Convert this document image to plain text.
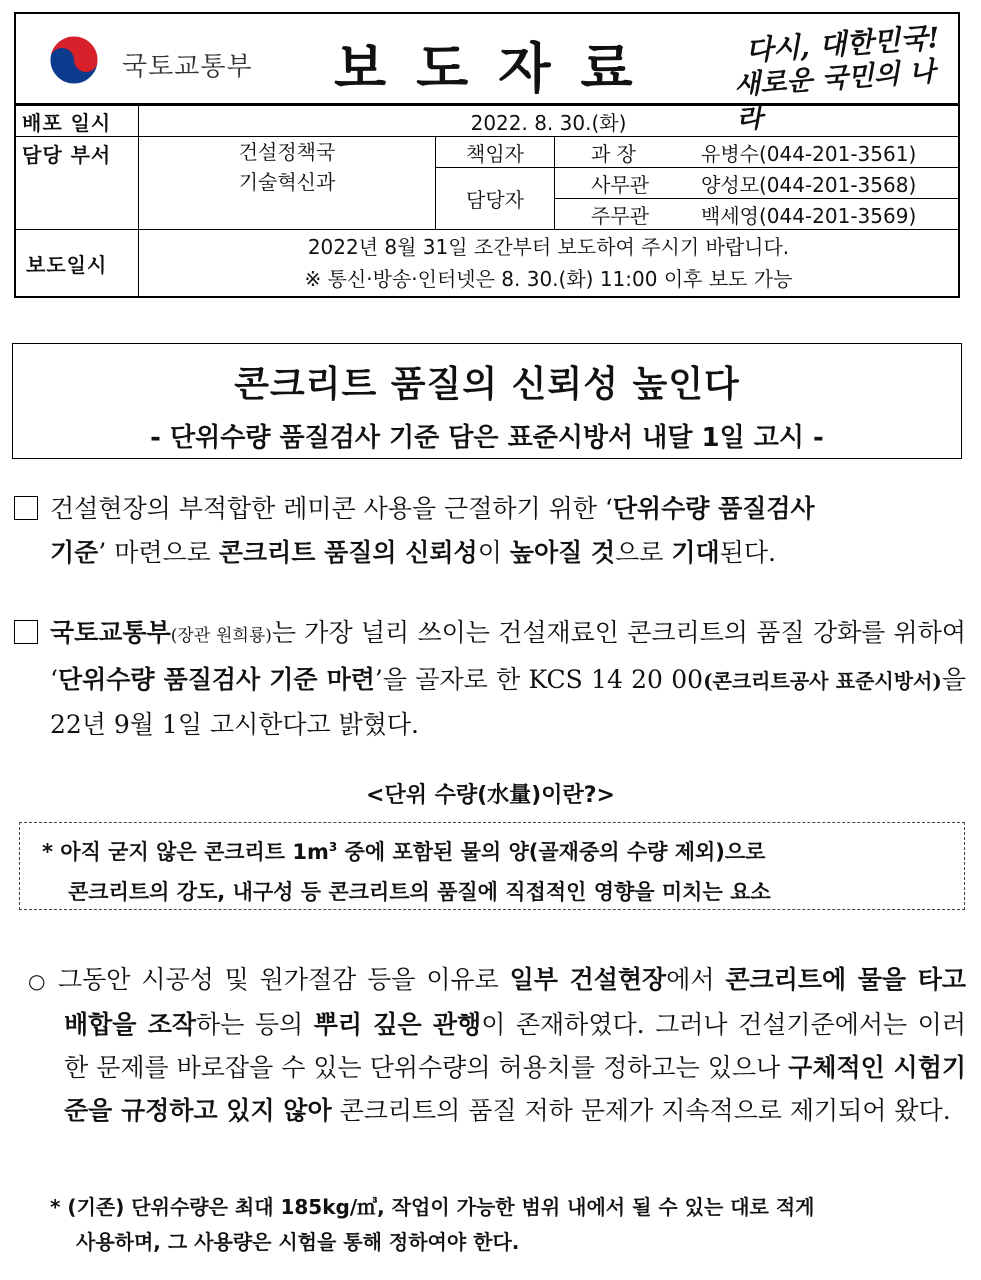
국토교통부 보도자료	다시, 대한민국!
새로운 국민의 나라
배포 일시	2022. 8. 30.(화)		
담당 부서	건설정책국
기술혁신과	책임자	과 장 유병수(044-201-3561)
		담당자	사무관 양성모(044-201-3568)
			주무관 백세영(044-201-3569)
보도일시	2022년 8월 31일 조간부터 보도하여 주시기 바랍니다.
※ 통신·방송·인터넷은 8. 30.(화) 11:00 이후 보도 가능		
콘크리트 품질의 신뢰성 높인다
- 단위수량 품질검사 기준 담은 표준시방서 내달 1일 고시 -
건설현장의 부적합한 레미콘 사용을 근절하기 위한 ‘단위수량 품질검사
기준’ 마련으로 콘크리트 품질의 신뢰성이 높아질 것으로 기대된다.
국토교통부(장관 원희룡)는 가장 널리 쓰이는 건설재료인 콘크리트의 품질 강화를 위하여 ‘단위수량 품질검사 기준 마련’을 골자로 한 KCS 14 20 00(콘크리트공사 표준시방서)을 22년 9월 1일 고시한다고 밝혔다.
<단위 수량(水量)이란?>
* 아직 굳지 않은 콘크리트 $1m^3$ 중에 포함된 물의 양(골재중의 수량 제외)으로
콘크리트의 강도, 내구성 등 콘크리트의 품질에 직접적인 영향을 미치는 요소
○ 그동안 시공성 및 원가절감 등을 이유로 일부 건설현장에서 콘크리트에 물을 타고 배합을 조작하는 등의 뿌리 깊은 관행이 존재하였다. 그러나 건설기준에서는 이러한 문제를 바로잡을 수 있는 단위수량의 허용치를 정하고는 있으나 구체적인 시험기준을 규정하고 있지 않아 콘크리트의 품질 저하 문제가 지속적으로 제기되어 왔다.
* (기존) 단위수량은 최대 185kg/㎥, 작업이 가능한 범위 내에서 될 수 있는 대로 적게
사용하며, 그 사용량은 시험을 통해 정하여야 한다.
